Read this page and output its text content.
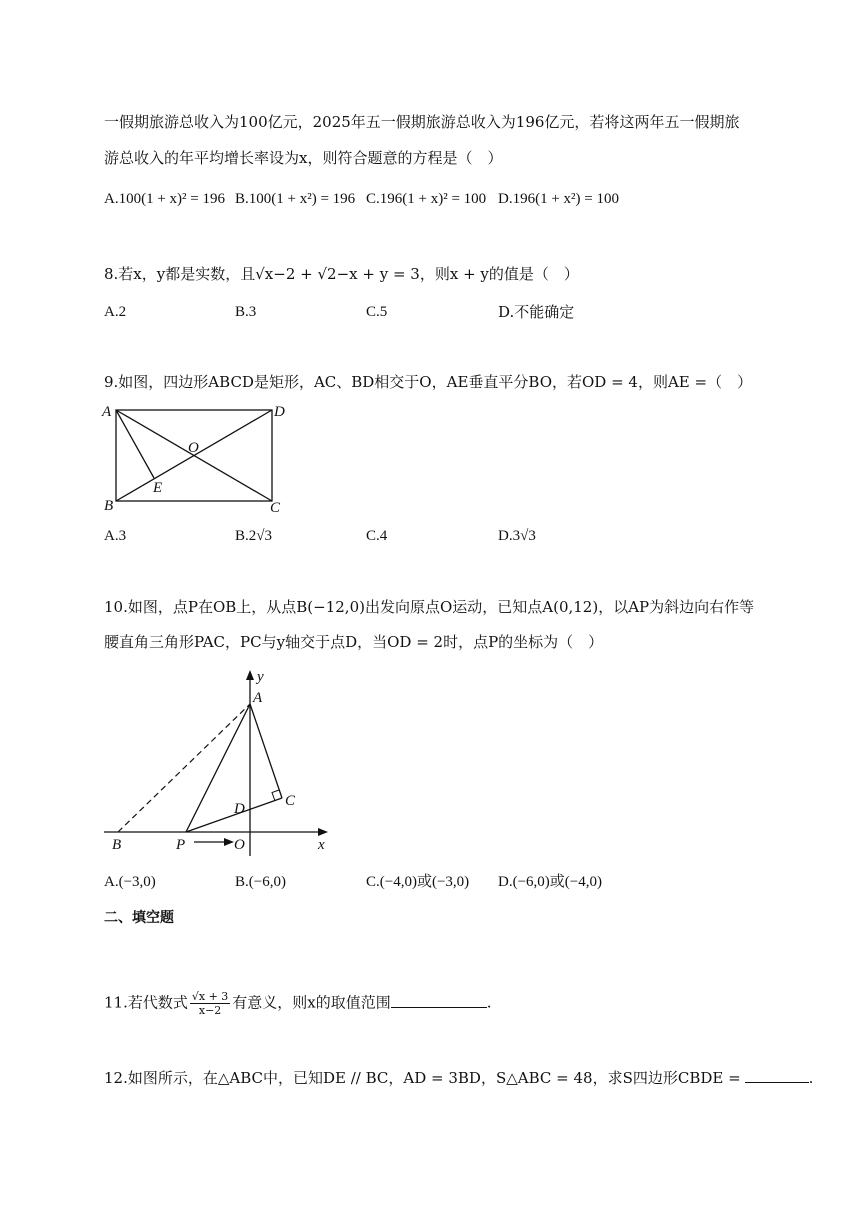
一假期旅游总收入为100亿元，2025年五一假期旅游总收入为196亿元，若将这两年五一假期旅
游总收入的年平均增长率设为x，则符合题意的方程是（　）
A.100(1 + x)² = 196 B.100(1 + x²) = 196 C.196(1 + x)² = 100 D.196(1 + x²) = 100
8.若x，y都是实数，且√x−2 + √2−x + y = 3，则x + y的值是（　）
A.2	B.3	C.5	D.不能确定
9.如图，四边形ABCD是矩形，AC、BD相交于O，AE垂直平分BO，若OD = 4，则AE =（　）
A	D
O
E
B	C
A.3	B.2√3	C.4	D.3√3
10.如图，点P在OB上，从点B(−12,0)出发向原点O运动，已知点A(0,12)，以AP为斜边向右作等
腰直角三角形PAC，PC与y轴交于点D，当OD = 2时，点P的坐标为（　）
y
A
C
D
B	P	O	x
A.(−3,0)	B.(−6,0)	C.(−4,0)或(−3,0) D.(−6,0)或(−4,0)
二、填空题
11.若代数式 $\frac{√x + 3}{x-2}$ 有意义，则x的取值范围	.
12.如图所示，在△ABC中，已知DE // BC，AD = 3BD，S△ABC = 48，求S四边形CBDE =	.
